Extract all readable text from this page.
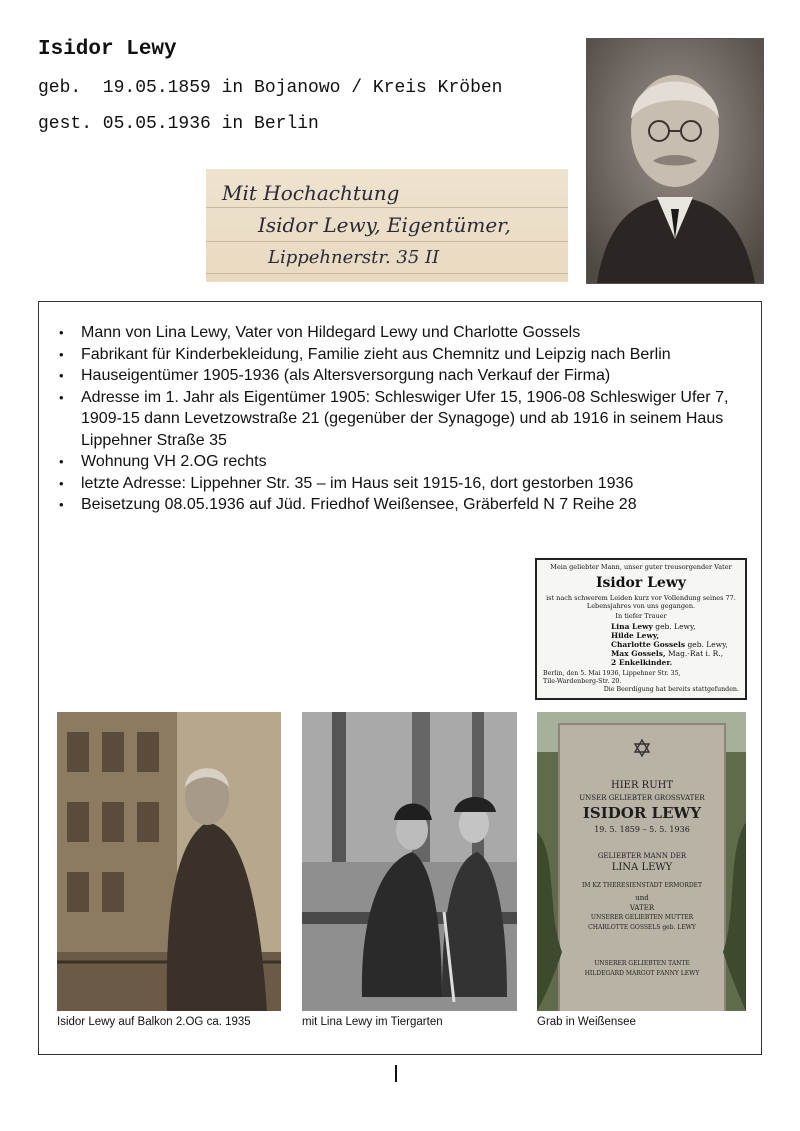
Isidor Lewy

geb.  19.05.1859 in Bojanowo / Kreis Kröben

gest. 05.05.1936 in Berlin

Mit Hochachtung
Isidor Lewy, Eigentümer,
Lippehnerstr. 35 II
• Mann von Lina Lewy, Vater von Hildegard Lewy und Charlotte Gossels
• Fabrikant für Kinderbekleidung, Familie zieht aus Chemnitz und Leipzig nach Berlin
• Hauseigentümer 1905-1936 (als Altersversorgung nach Verkauf der Firma)
• Adresse im 1. Jahr als Eigentümer 1905: Schleswiger Ufer 15, 1906-08 Schleswiger Ufer 7, 1909-15 dann Levetzowstraße 21 (gegenüber der Synagoge) und ab 1916 in seinem Haus Lippehner Straße 35
• Wohnung VH 2.OG rechts
• letzte Adresse: Lippehner Str. 35 – im Haus seit 1915-16, dort gestorben 1936
• Beisetzung 08.05.1936 auf Jüd. Friedhof Weißensee, Gräberfeld N 7 Reihe 28

Mein geliebter Mann, unser guter treusorgender Vater

Isidor Lewy

ist nach schwerem Leiden kurz vor Vollendung seines 77. Lebensjahres von uns gegangen.

In tiefer Trauer

Lina Lewy geb. Lewy,

Hilde Lewy,

Charlotte Gossels geb. Lewy,

Max Gossels, Mag.-Rat i. R.,

2 Enkelkinder.

Berlin, den 5. Mai 1936, Lippehner Str. 35,

Tile-Wardenberg-Str. 20.

Die Beerdigung hat bereits stattgefunden.

HIER RUHT
UNSER GELIEBTER GROSSVATER
ISIDOR LEWY
19. 5. 1859 – 5. 5. 1936
GELIEBTER MANN DER
LINA LEWY
IM KZ THERESIENSTADT ERMORDET
und
VATER
UNSERER GELIEBTEN MUTTER
CHARLOTTE GOSSELS geb. LEWY
UNSERER GELIEBTEN TANTE
HILDEGARD MARGOT FANNY LEWY
Isidor Lewy auf Balkon 2.OG ca. 1935	mit Lina Lewy im Tiergarten	Grab in Weißensee
